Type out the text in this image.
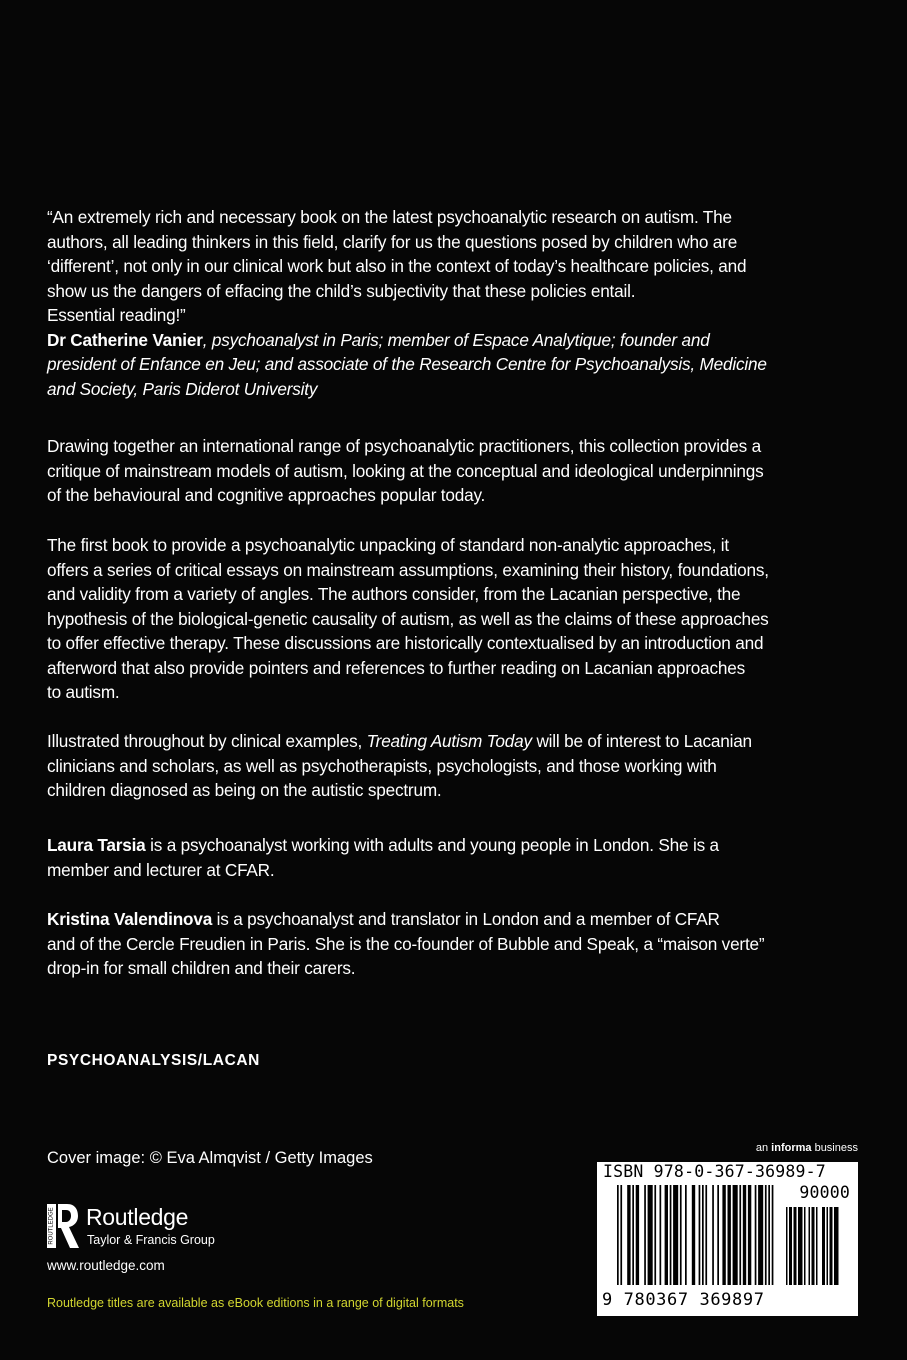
“An extremely rich and necessary book on the latest psychoanalytic research on autism. The

authors, all leading thinkers in this field, clarify for us the questions posed by children who are

‘different’, not only in our clinical work but also in the context of today’s healthcare policies, and

show us the dangers of effacing the child’s subjectivity that these policies entail.

Essential reading!”

Dr Catherine Vanier, psychoanalyst in Paris; member of Espace Analytique; founder and

president of Enfance en Jeu; and associate of the Research Centre for Psychoanalysis, Medicine

and Society, Paris Diderot University

Drawing together an international range of psychoanalytic practitioners, this collection provides a

critique of mainstream models of autism, looking at the conceptual and ideological underpinnings

of the behavioural and cognitive approaches popular today.

The first book to provide a psychoanalytic unpacking of standard non-analytic approaches, it

offers a series of critical essays on mainstream assumptions, examining their history, foundations,

and validity from a variety of angles. The authors consider, from the Lacanian perspective, the

hypothesis of the biological-genetic causality of autism, as well as the claims of these approaches

to offer effective therapy. These discussions are historically contextualised by an introduction and

afterword that also provide pointers and references to further reading on Lacanian approaches

to autism.

Illustrated throughout by clinical examples, Treating Autism Today will be of interest to Lacanian

clinicians and scholars, as well as psychotherapists, psychologists, and those working with

children diagnosed as being on the autistic spectrum.

Laura Tarsia is a psychoanalyst working with adults and young people in London. She is a

member and lecturer at CFAR.

Kristina Valendinova is a psychoanalyst and translator in London and a member of CFAR

and of the Cercle Freudien in Paris. She is the co-founder of Bubble and Speak, a “maison verte”

drop-in for small children and their carers.

PSYCHOANALYSIS/LACAN
Cover image: © Eva Almqvist / Getty Images
ROUTLEDGE Routledge
Taylor & Francis Group
www.routledge.com
Routledge titles are available as eBook editions in a range of digital formats
an informa business
ISBN 978-0-367-36989-7
90000
9 780367 369897
